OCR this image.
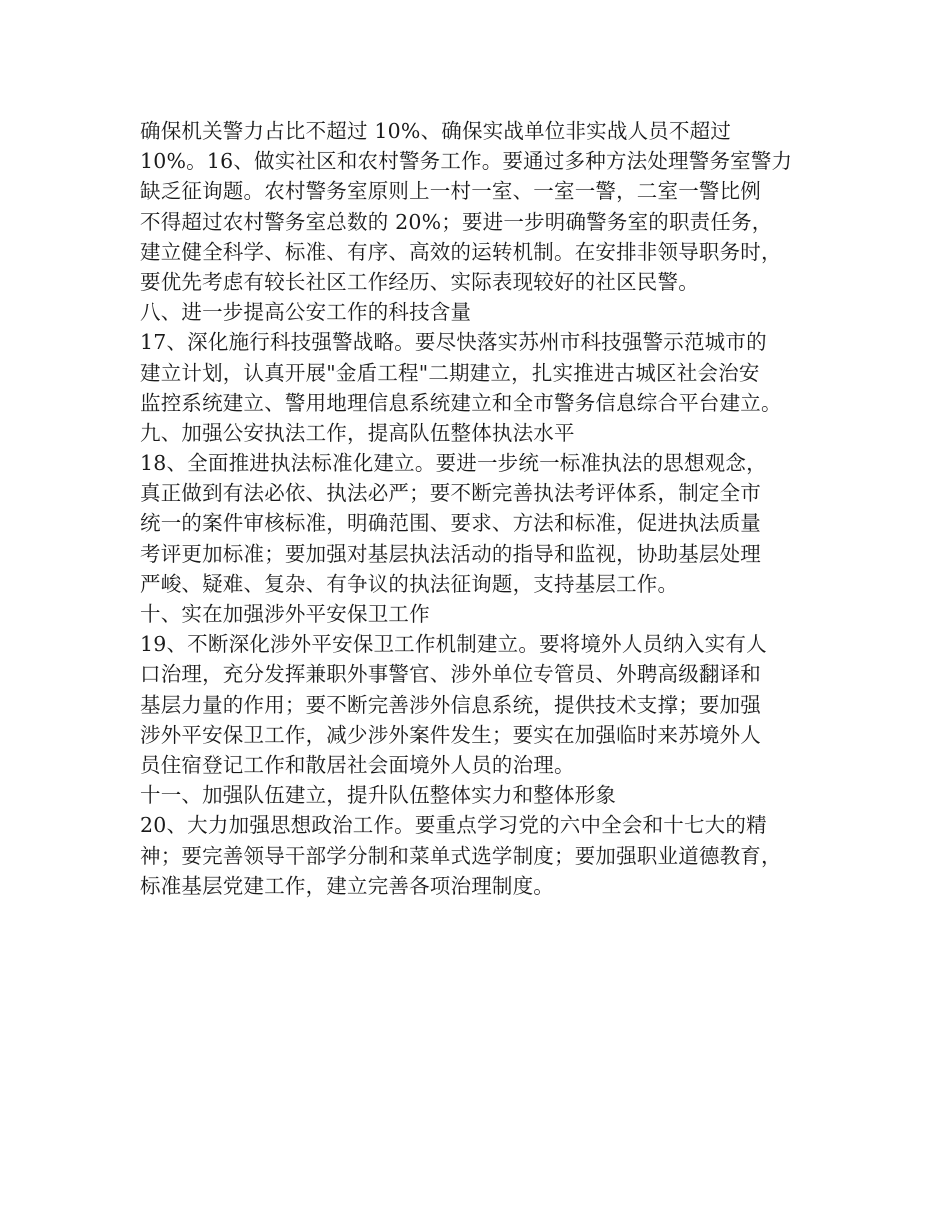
确保机关警力占比不超过 10%、确保实战单位非实战人员不超过
10%。16、做实社区和农村警务工作。要通过多种方法处理警务室警力
缺乏征询题。农村警务室原则上一村一室、一室一警，二室一警比例
不得超过农村警务室总数的 20%；要进一步明确警务室的职责任务，
建立健全科学、标准、有序、高效的运转机制。在安排非领导职务时，
要优先考虑有较长社区工作经历、实际表现较好的社区民警。
八、进一步提高公安工作的科技含量
17、深化施行科技强警战略。要尽快落实苏州市科技强警示范城市的
建立计划，认真开展"金盾工程"二期建立，扎实推进古城区社会治安
监控系统建立、警用地理信息系统建立和全市警务信息综合平台建立。
九、加强公安执法工作，提高队伍整体执法水平
18、全面推进执法标准化建立。要进一步统一标准执法的思想观念，
真正做到有法必依、执法必严；要不断完善执法考评体系，制定全市
统一的案件审核标准，明确范围、要求、方法和标准，促进执法质量
考评更加标准；要加强对基层执法活动的指导和监视，协助基层处理
严峻、疑难、复杂、有争议的执法征询题，支持基层工作。
十、实在加强涉外平安保卫工作
19、不断深化涉外平安保卫工作机制建立。要将境外人员纳入实有人
口治理，充分发挥兼职外事警官、涉外单位专管员、外聘高级翻译和
基层力量的作用；要不断完善涉外信息系统，提供技术支撑；要加强
涉外平安保卫工作，减少涉外案件发生；要实在加强临时来苏境外人
员住宿登记工作和散居社会面境外人员的治理。
十一、加强队伍建立，提升队伍整体实力和整体形象
20、大力加强思想政治工作。要重点学习党的六中全会和十七大的精
神；要完善领导干部学分制和菜单式选学制度；要加强职业道德教育，
标准基层党建工作，建立完善各项治理制度。
